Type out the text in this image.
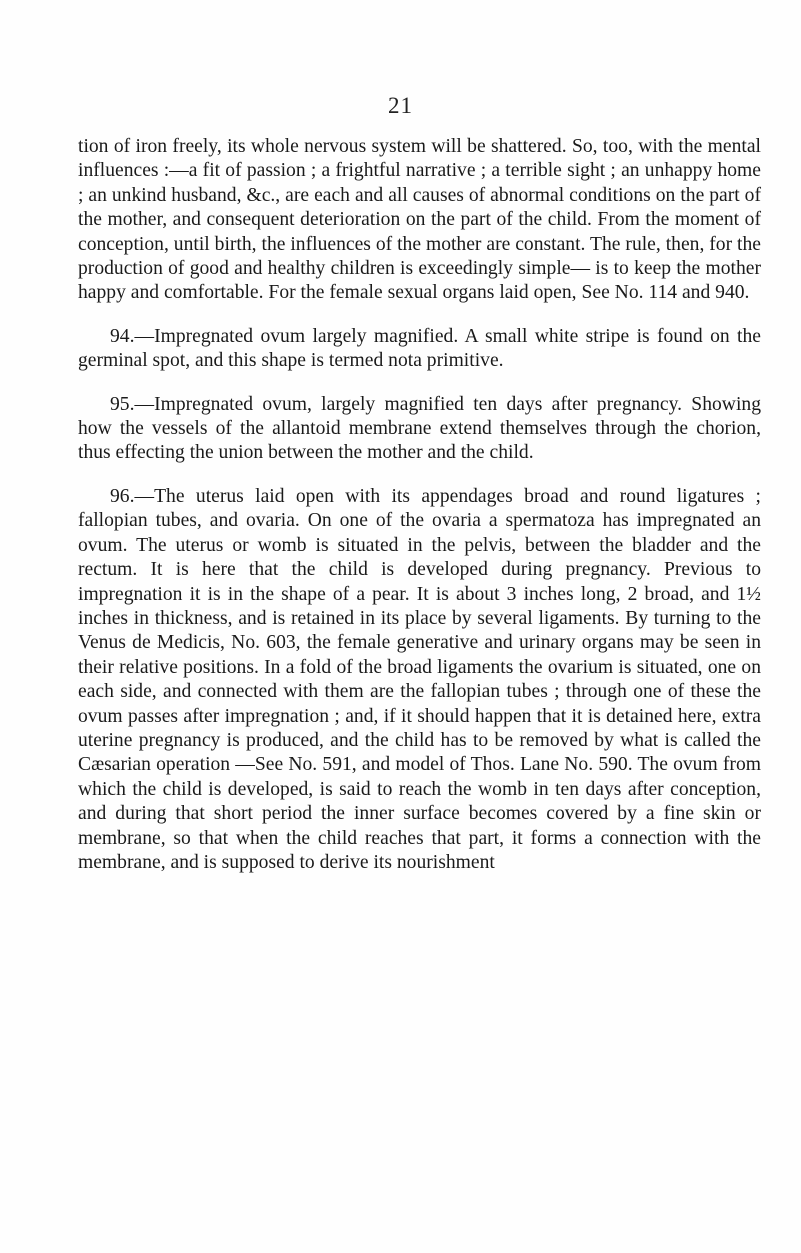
21

tion of iron freely, its whole nervous system will be shattered. So, too, with the mental influences :—a fit of passion ; a frightful narrative ; a terrible sight ; an unhappy home ; an unkind husband, &c., are each and all causes of abnormal conditions on the part of the mother, and consequent deterioration on the part of the child. From the moment of conception, until birth, the influences of the mother are constant. The rule, then, for the production of good and healthy children is exceedingly simple— is to keep the mother happy and comfortable. For the female sexual organs laid open, See No. 114 and 940.

94.—Impregnated ovum largely magnified. A small white stripe is found on the germinal spot, and this shape is termed nota primitive.

95.—Impregnated ovum, largely magnified ten days after pregnancy. Showing how the vessels of the allantoid membrane extend themselves through the chorion, thus effecting the union between the mother and the child.

96.—The uterus laid open with its appendages broad and round ligatures ; fallopian tubes, and ovaria. On one of the ovaria a spermatoza has impregnated an ovum. The uterus or womb is situated in the pelvis, between the bladder and the rectum. It is here that the child is developed during pregnancy. Previous to impregnation it is in the shape of a pear. It is about 3 inches long, 2 broad, and 1½ inches in thickness, and is retained in its place by several ligaments. By turning to the Venus de Medicis, No. 603, the female generative and urinary organs may be seen in their relative positions. In a fold of the broad ligaments the ovarium is situated, one on each side, and connected with them are the fallopian tubes ; through one of these the ovum passes after impregnation ; and, if it should happen that it is detained here, extra uterine pregnancy is produced, and the child has to be removed by what is called the Cæsarian operation —See No. 591, and model of Thos. Lane No. 590. The ovum from which the child is developed, is said to reach the womb in ten days after conception, and during that short period the inner surface becomes covered by a fine skin or membrane, so that when the child reaches that part, it forms a connection with the membrane, and is supposed to derive its nourishment
